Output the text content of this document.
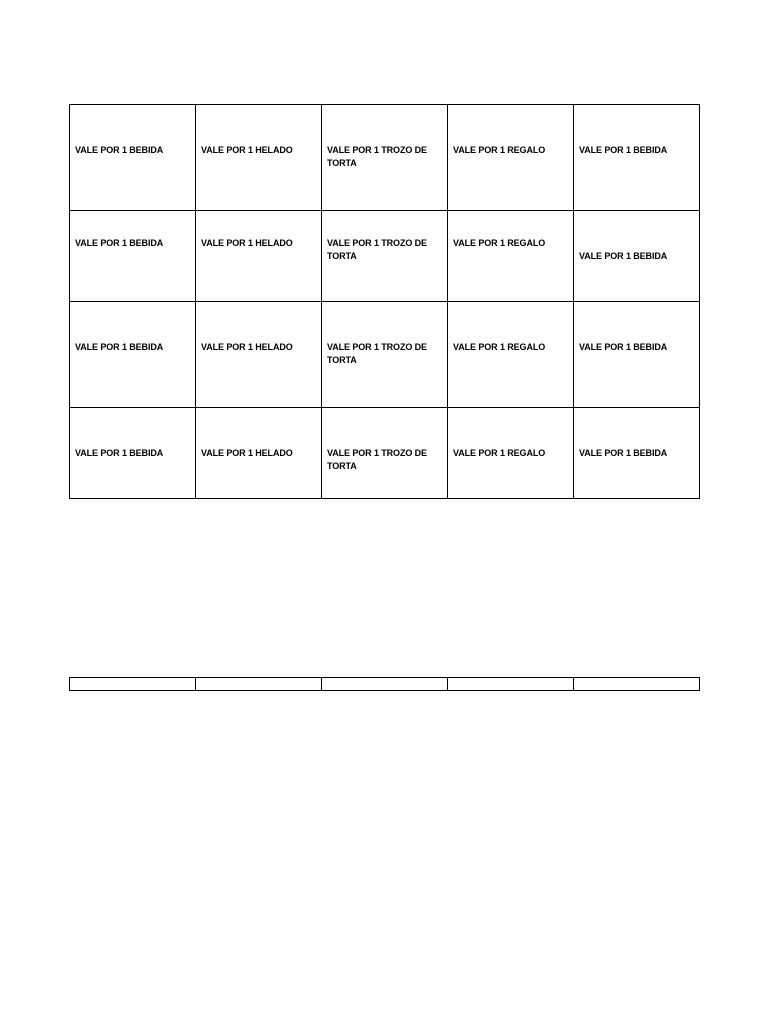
VALE POR 1 BEBIDA	VALE POR 1 HELADO	VALE POR 1 TROZO DE TORTA	VALE POR 1 REGALO	VALE POR 1 BEBIDA

VALE POR 1 BEBIDA	VALE POR 1 HELADO	VALE POR 1 TROZO DE TORTA	VALE POR 1 REGALO	VALE POR 1 BEBIDA

VALE POR 1 BEBIDA	VALE POR 1 HELADO	VALE POR 1 TROZO DE TORTA	VALE POR 1 REGALO	VALE POR 1 BEBIDA

VALE POR 1 BEBIDA	VALE POR 1 HELADO	VALE POR 1 TROZO DE TORTA	VALE POR 1 REGALO	VALE POR 1 BEBIDA
